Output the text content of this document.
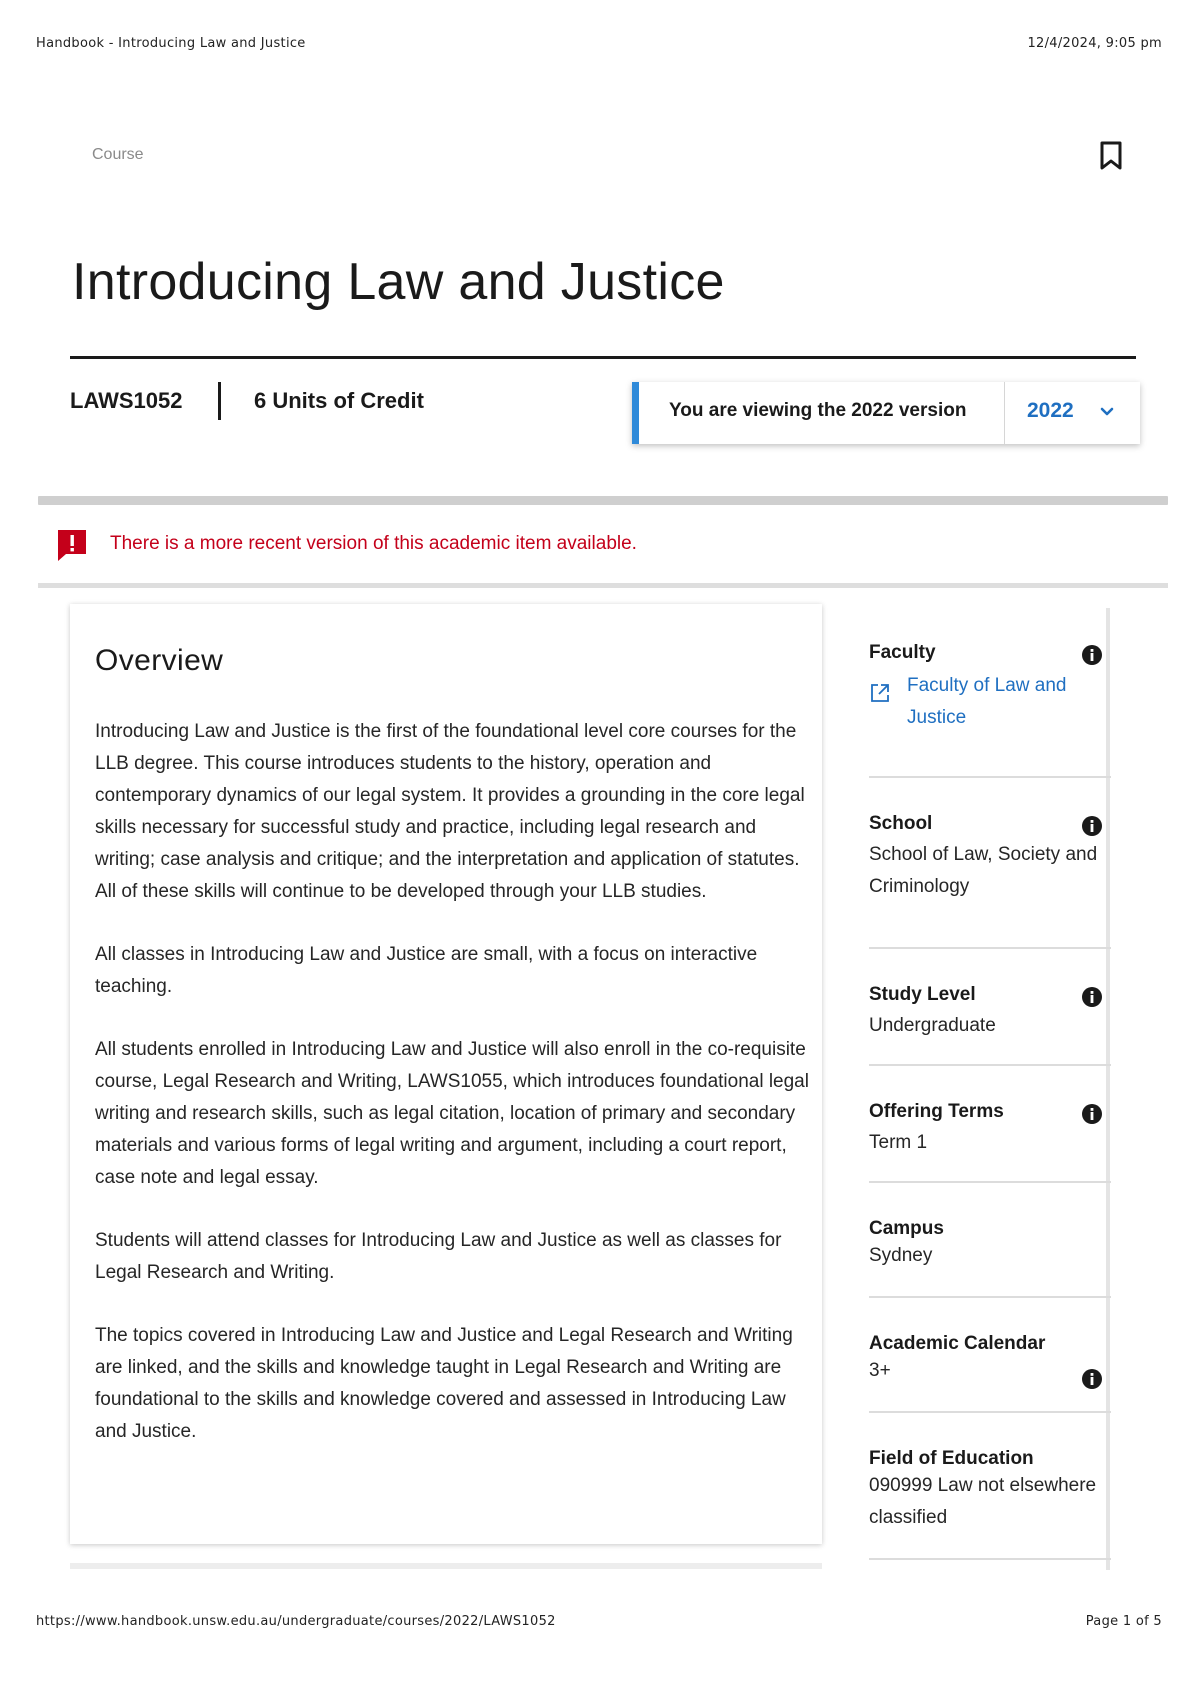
Handbook - Introducing Law and Justice	12/4/2024, 9:05 pm
Course
Introducing Law and Justice
LAWS1052	6 Units of Credit	You are viewing the 2022 version	2022
There is a more recent version of this academic item available.
Overview

Introducing Law and Justice is the first of the foundational level core courses for the LLB degree. This course introduces students to the history, operation and contemporary dynamics of our legal system. It provides a grounding in the core legal skills necessary for successful study and practice, including legal research and writing; case analysis and critique; and the interpretation and application of statutes. All of these skills will continue to be developed through your LLB studies.

All classes in Introducing Law and Justice are small, with a focus on interactive teaching.

All students enrolled in Introducing Law and Justice will also enroll in the co-requisite course, Legal Research and Writing, LAWS1055, which introduces foundational legal writing and research skills, such as legal citation, location of primary and secondary materials and various forms of legal writing and argument, including a court report, case note and legal essay.

Students will attend classes for Introducing Law and Justice as well as classes for Legal Research and Writing.

The topics covered in Introducing Law and Justice and Legal Research and Writing are linked, and the skills and knowledge taught in Legal Research and Writing are foundational to the skills and knowledge covered and assessed in Introducing Law and Justice.

Faculty
Faculty of Law and Justice
School
School of Law, Society and Criminology
Study Level
Undergraduate
Offering Terms
Term 1
Campus
Sydney
Academic Calendar
3+
Field of Education
090999 Law not elsewhere classified
https://www.handbook.unsw.edu.au/undergraduate/courses/2022/LAWS1052	Page 1 of 5
